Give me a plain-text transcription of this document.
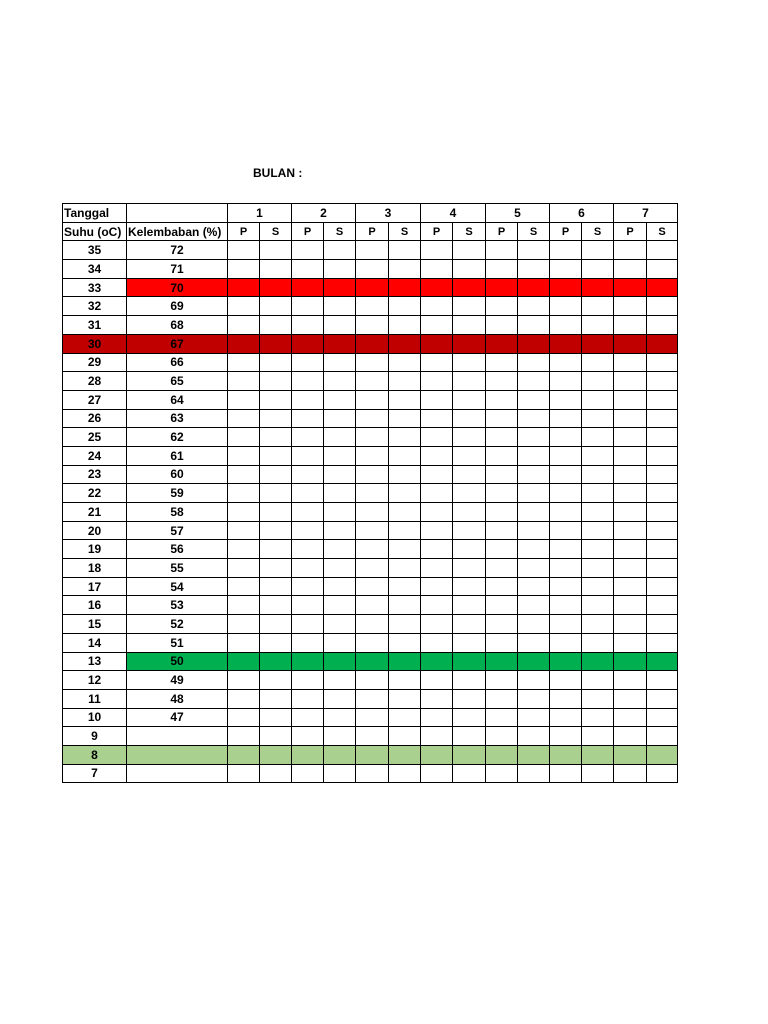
BULAN :
Tanggal		1		2		3		4		5		6		7	
Suhu (oC)	Kelembaban (%)	P	S	P	S	P	S	P	S	P	S	P	S	P	S
35	72														
34	71														
33	70														
32	69														
31	68														
30	67														
29	66														
28	65														
27	64														
26	63														
25	62														
24	61														
23	60														
22	59														
21	58														
20	57														
19	56														
18	55														
17	54														
16	53														
15	52														
14	51														
13	50														
12	49														
11	48														
10	47														
9															
8															
7															
